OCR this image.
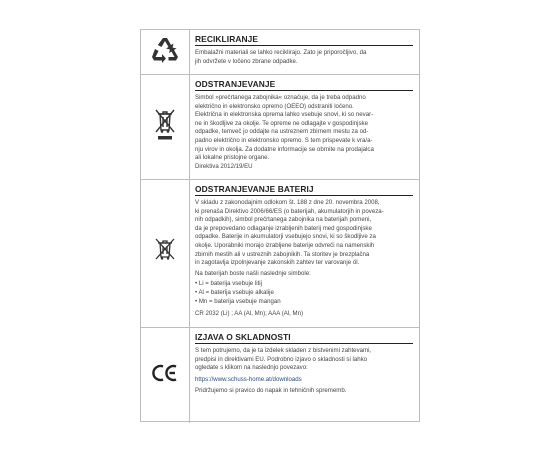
RECIKLIRANJE
Embalažni materiali se lahko reciklirajo. Zato je priporočljivo, da
jih odvržete v ločeno zbrane odpadke.
ODSTRANJEVANJE
Simbol »prečrtanega zabojnika« označuje, da je treba odpadno
električno in elektronsko opremo (OEEO) odstraniti ločeno.
Električna in elektronska oprema lahko vsebuje snovi, ki so nevar-
ne in škodljive za okolje. Te opreme ne odlagajte v gospodinjske
odpadke, temveč jo oddajte na ustreznem zbirnem mestu za od-
padno električno in elektronsko opremo. S tem prispevate k vra/a-
nju virov in okolja. Za dodatne informacije se obrnite na prodajalca
ali lokalne pristojne organe.
Direktiva 2012/19/EU
ODSTRANJEVANJE BATERIJ

V skladu z zakonodajnim odlokom št. 188 z dne 20. novembra 2008,
ki prenaša Direktivo 2006/66/ES (o baterijah, akumulatorjih in poveza-
nih odpadkih), simbol prečrtanega zabojnika na baterijah pomeni,
da je prepovedano odlaganje izrabljenih baterij med gospodinjske
odpadke. Baterije in akumulatorji vsebujejo snovi, ki so škodljive za
okolje. Uporabniki morajo izrabljene baterije odvreči na namenskih
zbirnih mestih ali v ustreznih zabojnikih. Ta storitev je brezplačna
in zagotavlja izpolnjevanje zakonskih zahtev ter varovanje öl.

Na baterijah boste našli naslednje simbole:

• Li = baterija vsebuje litij
• Al = baterija vsebuje alkalije
• Mn = baterija vsebuje mangan

CR 2032 (Li) ; AA (Al, Mn); AAA (Al, Mn)

IZJAVA O SKLADNOSTI

S tem potrujemo, da je ta izdelek skladen z bistvenimi zahtevami,
predpisi in direktivami EU. Podrobno izjavo o skladnosti si lahko
ogledate s klikom na naslednjo povezavo:

https://www.schuss-home.at/downloads

Pridržujemo si pravico do napak in tehničnih sprememb.
